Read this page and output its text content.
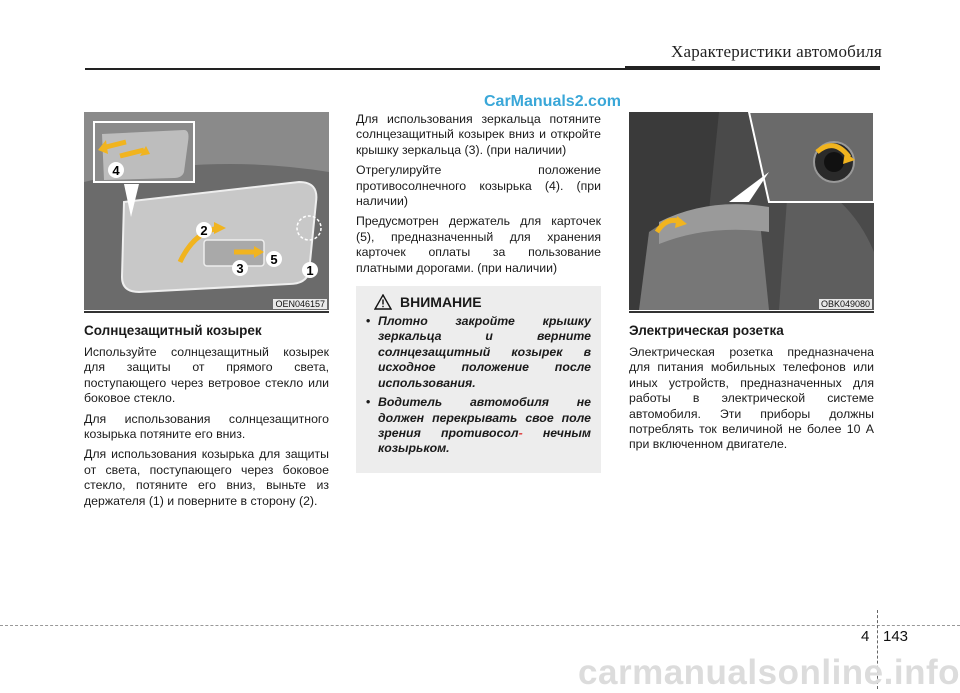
Характеристики автомобиля
CarManuals2.com
4
2
5
3	1
OEN046157
Солнцезащитный козырек

Используйте солнцезащитный козырек для защиты от прямого света, поступающего через ветровое стекло или боковое стекло.

Для использования солнцезащитного козырька потяните его вниз.

Для использования козырька для защиты от света, поступающего через боковое стекло, потяните его вниз, выньте из держателя (1) и поверните в сторону (2).

Для использования зеркальца потяните солнцезащитный козырек вниз и откройте крышку зеркальца (3). (при наличии)

Отрегулируйте положение противосолнечного козырька (4). (при наличии)

Предусмотрен держатель для карточек (5), предназначенный для хранения карточек оплаты за пользование платными дорогами. (при наличии)

ВНИМАНИЕ
• Плотно закройте крышку зеркальца и верните солнцезащитный козырек в исходное положение после использования.
• Водитель автомобиля не должен перекрывать свое поле зрения противосол- нечным козырьком.
OBK049080
Электрическая розетка

Электрическая розетка предназначена для питания мобильных телефонов или иных устройств, предназначенных для работы в электрической системе автомобиля. Эти приборы должны потреблять ток величиной не более 10 А при включенном двигателе.

4 143
carmanualsonline.info
